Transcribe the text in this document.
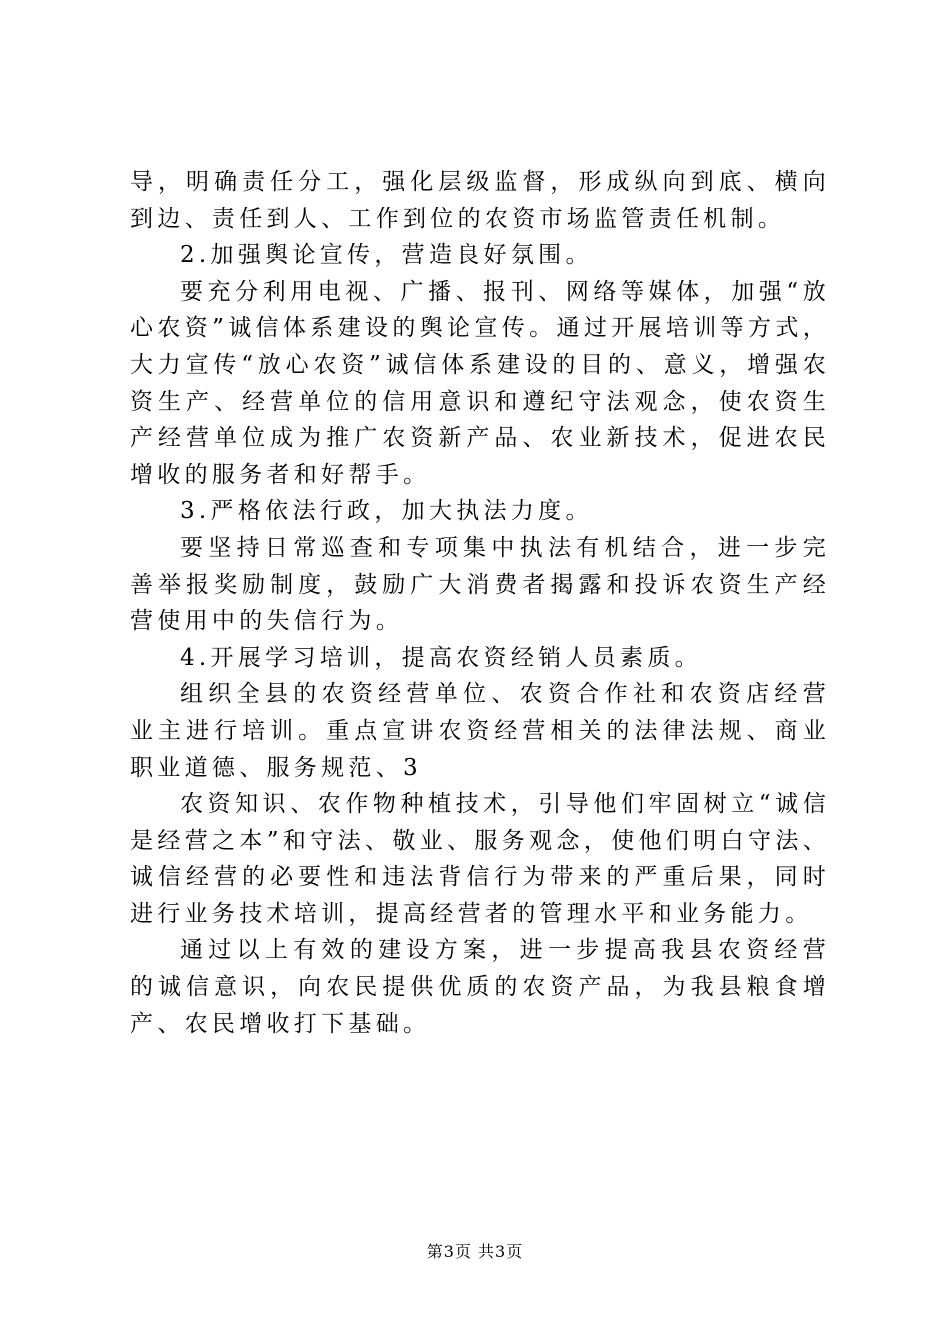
导，明确责任分工，强化层级监督，形成纵向到底、横向到边、责任到人、工作到位的农资市场监管责任机制。

2.加强舆论宣传，营造良好氛围。

要充分利用电视、广播、报刊、网络等媒体，加强“放心农资”诚信体系建设的舆论宣传。通过开展培训等方式，大力宣传“放心农资”诚信体系建设的目的、意义，增强农资生产、经营单位的信用意识和遵纪守法观念，使农资生产经营单位成为推广农资新产品、农业新技术，促进农民增收的服务者和好帮手。

3.严格依法行政，加大执法力度。

要坚持日常巡查和专项集中执法有机结合，进一步完善举报奖励制度，鼓励广大消费者揭露和投诉农资生产经营使用中的失信行为。

4.开展学习培训，提高农资经销人员素质。

组织全县的农资经营单位、农资合作社和农资店经营业主进行培训。重点宣讲农资经营相关的法律法规、商业职业道德、服务规范、3

农资知识、农作物种植技术，引导他们牢固树立“诚信是经营之本”和守法、敬业、服务观念，使他们明白守法、诚信经营的必要性和违法背信行为带来的严重后果，同时进行业务技术培训，提高经营者的管理水平和业务能力。

通过以上有效的建设方案，进一步提高我县农资经营的诚信意识，向农民提供优质的农资产品，为我县粮食增产、农民增收打下基础。

第3页 共3页
